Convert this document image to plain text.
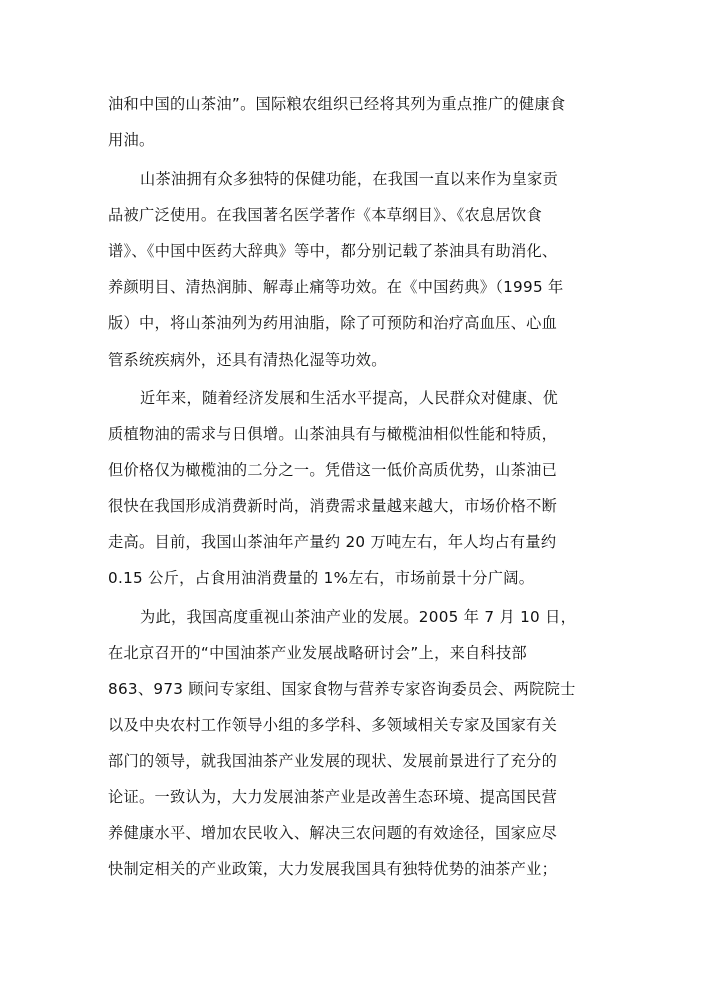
油和中国的山茶油”。国际粮农组织已经将其列为重点推广的健康食
用油。
山茶油拥有众多独特的保健功能，在我国一直以来作为皇家贡
品被广泛使用。在我国著名医学著作《本草纲目》、《农息居饮食
谱》、《中国中医药大辞典》等中，都分别记载了茶油具有助消化、
养颜明目、清热润肺、解毒止痛等功效。在《中国药典》（1995 年
版）中，将山茶油列为药用油脂，除了可预防和治疗高血压、心血
管系统疾病外，还具有清热化湿等功效。
近年来，随着经济发展和生活水平提高，人民群众对健康、优
质植物油的需求与日俱增。山茶油具有与橄榄油相似性能和特质，
但价格仅为橄榄油的二分之一。凭借这一低价高质优势，山茶油已
很快在我国形成消费新时尚，消费需求量越来越大，市场价格不断
走高。目前，我国山茶油年产量约 20 万吨左右，年人均占有量约
0.15 公斤，占食用油消费量的 1%左右，市场前景十分广阔。
为此，我国高度重视山茶油产业的发展。2005 年 7 月 10 日，
在北京召开的“中国油茶产业发展战略研讨会”上，来自科技部
863、973 顾问专家组、国家食物与营养专家咨询委员会、两院院士
以及中央农村工作领导小组的多学科、多领域相关专家及国家有关
部门的领导，就我国油茶产业发展的现状、发展前景进行了充分的
论证。一致认为，大力发展油茶产业是改善生态环境、提高国民营
养健康水平、增加农民收入、解决三农问题的有效途径，国家应尽
快制定相关的产业政策，大力发展我国具有独特优势的油茶产业；
